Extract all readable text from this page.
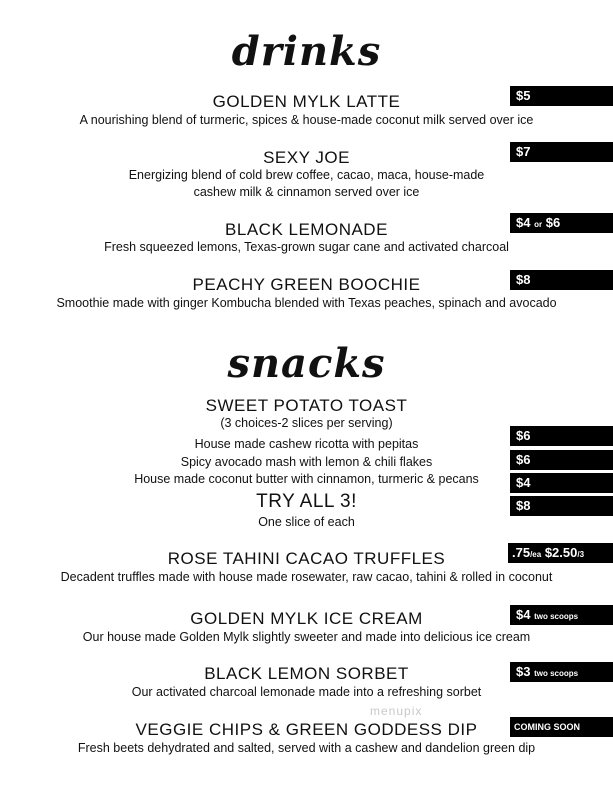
drinks
snacks
GOLDEN MYLK LATTE
A nourishing blend of turmeric, spices & house-made coconut milk served over ice
$5
SEXY JOE
Energizing blend of cold brew coffee, cacao, maca, house-made
cashew milk & cinnamon served over ice
$7
BLACK LEMONADE
Fresh squeezed lemons, Texas-grown sugar cane and activated charcoal
$4 or $6
PEACHY GREEN BOOCHIE
Smoothie made with ginger Kombucha blended with Texas peaches, spinach and avocado
$8
SWEET POTATO TOAST
(3 choices-2 slices per serving)
House made cashew ricotta with pepitas
$6
Spicy avocado mash with lemon & chili flakes	$6
House made coconut butter with cinnamon, turmeric & pecans	$4
TRY ALL 3!
One slice of each
$8
ROSE TAHINI CACAO TRUFFLES
Decadent truffles made with house made rosewater, raw cacao, tahini & rolled in coconut
.75/ea $2.50/3
GOLDEN MYLK ICE CREAM
Our house made Golden Mylk slightly sweeter and made into delicious ice cream
$4 two scoops
BLACK LEMON SORBET
Our activated charcoal lemonade made into a refreshing sorbet
$3 two scoops
VEGGIE CHIPS & GREEN GODDESS DIP
Fresh beets dehydrated and salted, served with a cashew and dandelion green dip
COMING SOON
menupix
